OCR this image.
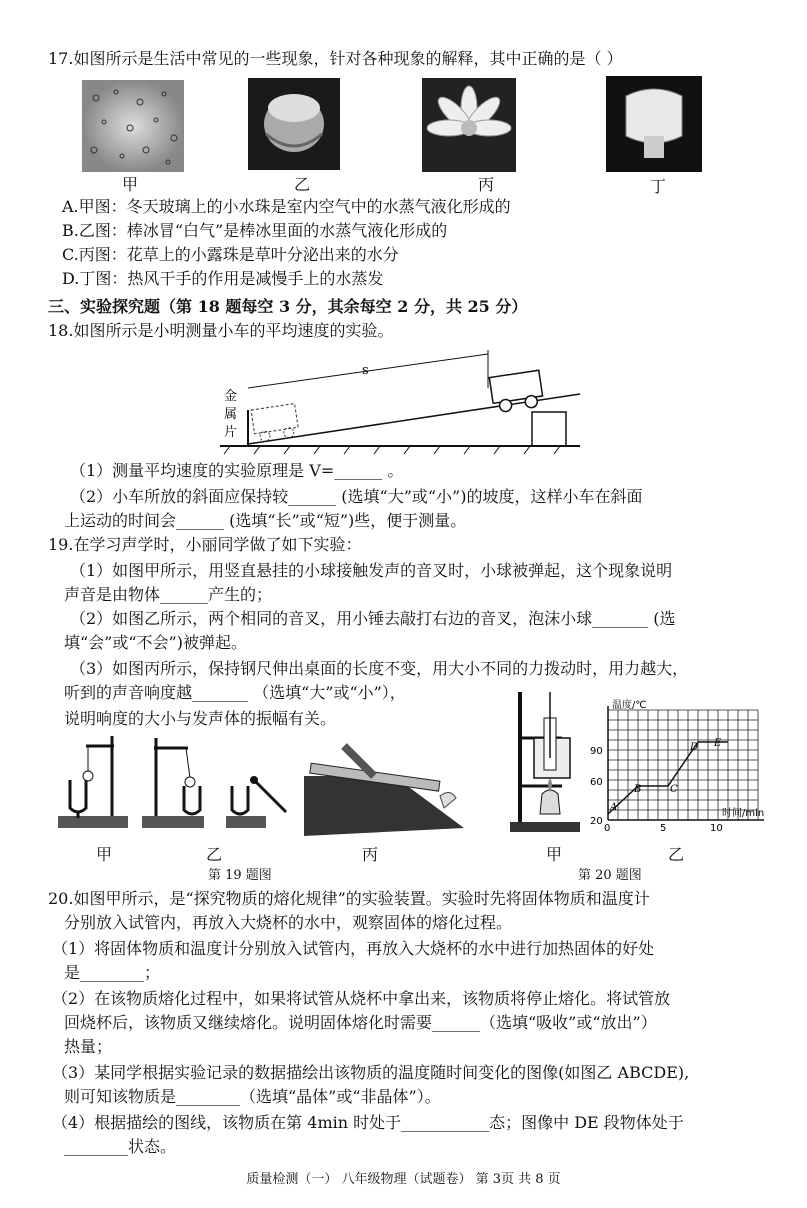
17.如图所示是生活中常见的一些现象，针对各种现象的解释，其中正确的是（ ）
甲	乙	丙	丁
A.甲图：冬天玻璃上的小水珠是室内空气中的水蒸气液化形成的
B.乙图：棒冰冒“白气”是棒冰里面的水蒸气液化形成的
C.丙图：花草上的小露珠是草叶分泌出来的水分
D.丁图：热风干手的作用是减慢手上的水蒸发
三、实验探究题（第 18 题每空 3 分，其余每空 2 分，共 25 分）
18.如图所示是小明测量小车的平均速度的实验。
s
金
属
片
（1）测量平均速度的实验原理是 V=______ 。
（2）小车所放的斜面应保持较______ (选填“大”或“小”)的坡度，这样小车在斜面
上运动的时间会______ (选填“长”或“短”)些，便于测量。
19.在学习声学时，小丽同学做了如下实验：
（1）如图甲所示，用竖直悬挂的小球接触发声的音叉时，小球被弹起，这个现象说明
声音是由物体______产生的；
（2）如图乙所示，两个相同的音叉，用小锤去敲打右边的音叉，泡沫小球_______ (选
填“会”或“不会”)被弹起。
（3）如图丙所示，保持钢尺伸出桌面的长度不变，用大小不同的力拨动时，用力越大，
听到的声音响度越_______ （选填“大”或“小”），
说明响度的大小与发声体的振幅有关。
温度/℃
时间/min
20
60
90
0	5	10
A
B	C
D E
甲	乙	丙	甲	乙
第 19 题图	第 20 题图
20.如图甲所示，是“探究物质的熔化规律”的实验装置。实验时先将固体物质和温度计
分别放入试管内，再放入大烧杯的水中，观察固体的熔化过程。
（1）将固体物质和温度计分别放入试管内，再放入大烧杯的水中进行加热固体的好处
是________；
（2）在该物质熔化过程中，如果将试管从烧杯中拿出来，该物质将停止熔化。将试管放
回烧杯后，该物质又继续熔化。说明固体熔化时需要______（选填“吸收”或“放出”）
热量；
（3）某同学根据实验记录的数据描绘出该物质的温度随时间变化的图像(如图乙 ABCDE),
则可知该物质是________（选填“晶体”或“非晶体”）。
（4）根据描绘的图线，该物质在第 4min 时处于___________态；图像中 DE 段物体处于
________状态。
质量检测（一） 八年级物理（试题卷） 第 3页 共 8 页
